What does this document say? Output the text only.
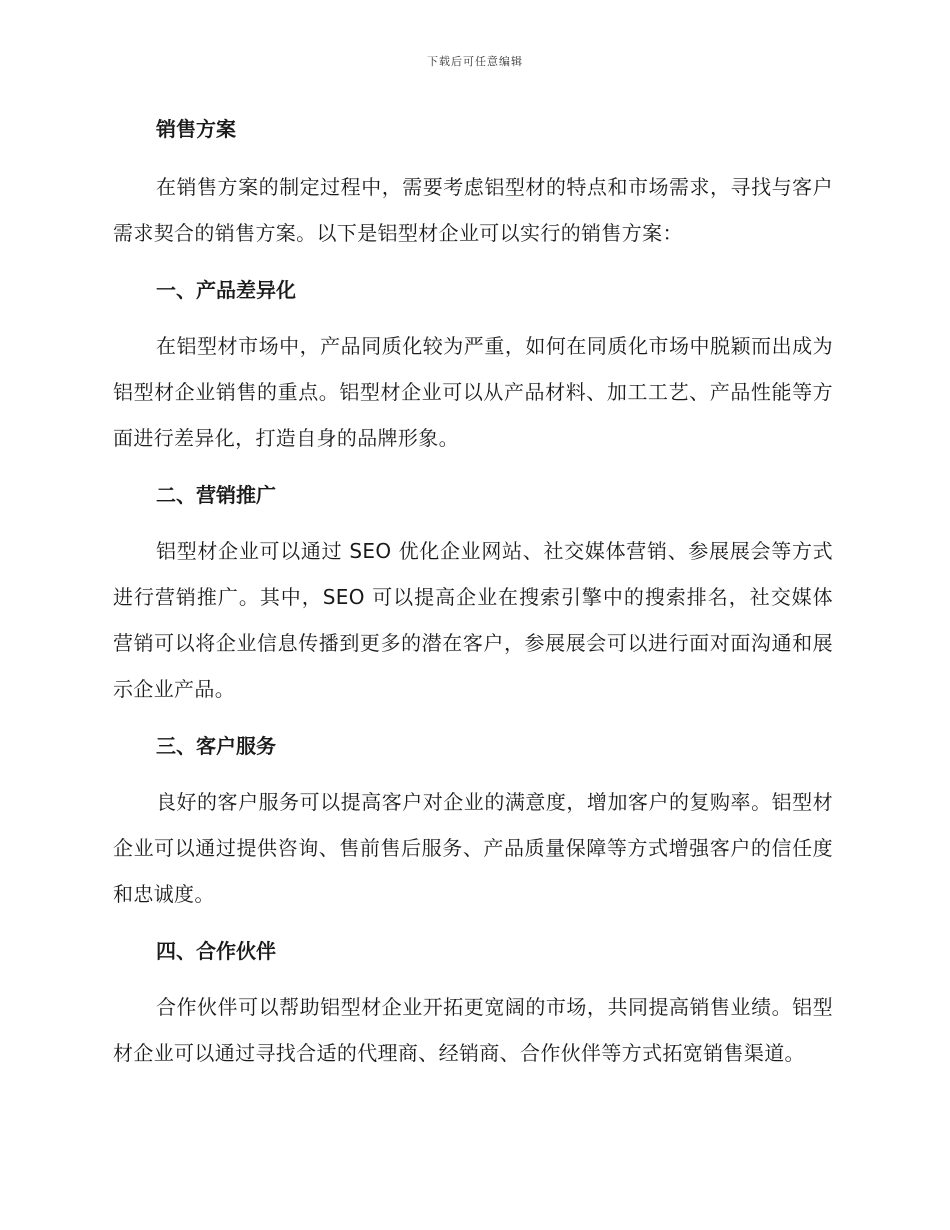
下载后可任意编辑

销售方案

在销售方案的制定过程中，需要考虑铝型材的特点和市场需求，寻找与客户需求契合的销售方案。以下是铝型材企业可以实行的销售方案：

一、产品差异化

在铝型材市场中，产品同质化较为严重，如何在同质化市场中脱颖而出成为铝型材企业销售的重点。铝型材企业可以从产品材料、加工工艺、产品性能等方面进行差异化，打造自身的品牌形象。

二、营销推广

铝型材企业可以通过 SEO 优化企业网站、社交媒体营销、参展展会等方式进行营销推广。其中，SEO 可以提高企业在搜索引擎中的搜索排名，社交媒体营销可以将企业信息传播到更多的潜在客户，参展展会可以进行面对面沟通和展示企业产品。

三、客户服务

良好的客户服务可以提高客户对企业的满意度，增加客户的复购率。铝型材企业可以通过提供咨询、售前售后服务、产品质量保障等方式增强客户的信任度和忠诚度。

四、合作伙伴

合作伙伴可以帮助铝型材企业开拓更宽阔的市场，共同提高销售业绩。铝型材企业可以通过寻找合适的代理商、经销商、合作伙伴等方式拓宽销售渠道。
